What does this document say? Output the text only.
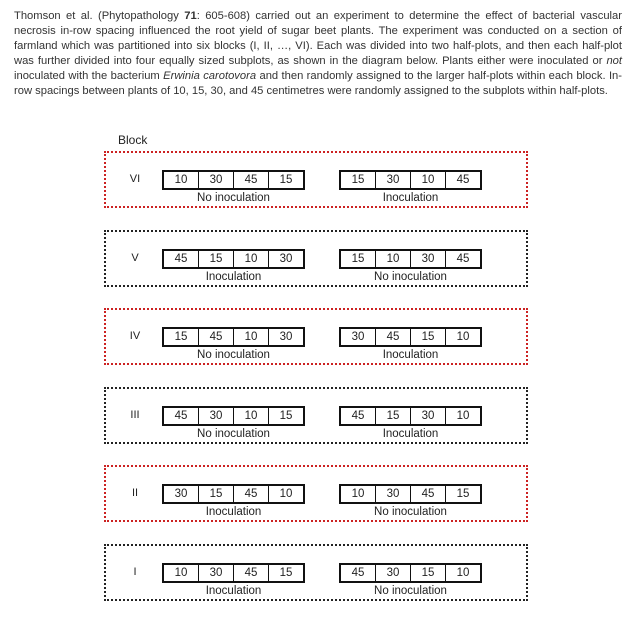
Thomson et al. (Phytopathology 71: 605-608) carried out an experiment to determine the effect of bacterial vascular necrosis in-row spacing influenced the root yield of sugar beet plants. The experiment was conducted on a section of farmland which was partitioned into six blocks (I, II, …, VI). Each was divided into two half-plots, and then each half-plot was further divided into four equally sized subplots, as shown in the diagram below. Plants either were inoculated or not inoculated with the bacterium Erwinia carotovora and then randomly assigned to the larger half-plots within each block. In-row spacings between plants of 10, 15, 30, and 45 centimetres were randomly assigned to the subplots within half-plots.

Block
VI	10	30	45	15
No inoculation
15	30	10	45
Inoculation
V	45	15	10	30
Inoculation
15	10	30	45
No inoculation
IV	15	45	10	30
No inoculation
30	45	15	10
Inoculation
III	45	30	10	15
No inoculation
45	15	30	10
Inoculation
II	30	15	45	10
Inoculation
10	30	45	15
No inoculation
I	10	30	45	15
Inoculation
45	30	15	10
No inoculation
